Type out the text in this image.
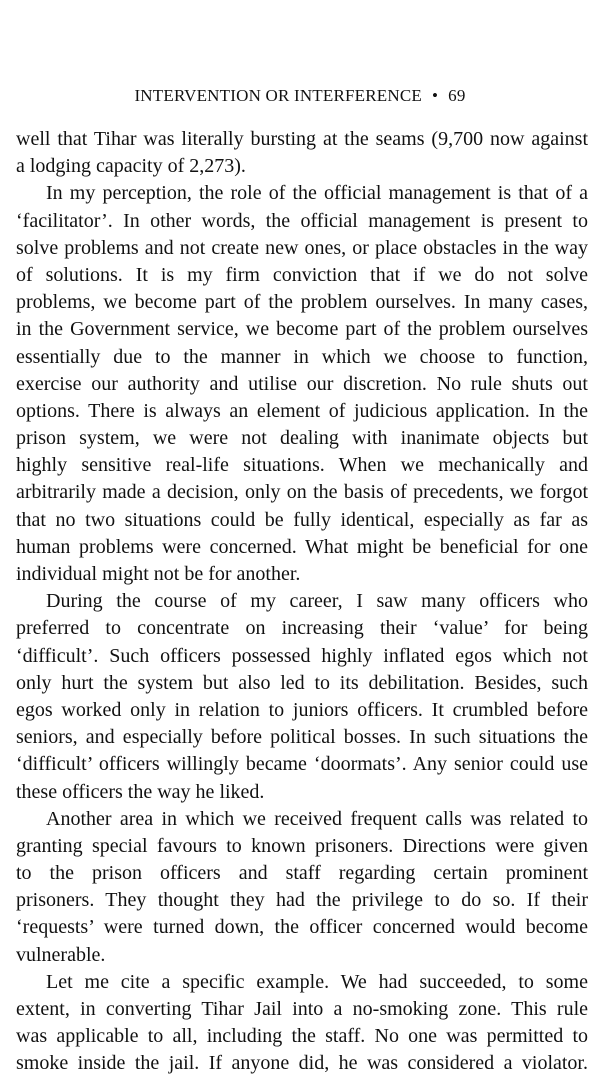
INTERVENTION OR INTERFERENCE • 69
well that Tihar was literally bursting at the seams (9,700 now against
a lodging capacity of 2,273).
In my perception, the role of the official management is that of a
‘facilitator’. In other words, the official management is present to
solve problems and not create new ones, or place obstacles in the way
of solutions. It is my firm conviction that if we do not solve
problems, we become part of the problem ourselves. In many cases,
in the Government service, we become part of the problem ourselves
essentially due to the manner in which we choose to function,
exercise our authority and utilise our discretion. No rule shuts out
options. There is always an element of judicious application. In the
prison system, we were not dealing with inanimate objects but
highly sensitive real-life situations. When we mechanically and
arbitrarily made a decision, only on the basis of precedents, we forgot
that no two situations could be fully identical, especially as far as
human problems were concerned. What might be beneficial for one
individual might not be for another.
During the course of my career, I saw many officers who
preferred to concentrate on increasing their ‘value’ for being
‘difficult’. Such officers possessed highly inflated egos which not
only hurt the system but also led to its debilitation. Besides, such
egos worked only in relation to juniors officers. It crumbled before
seniors, and especially before political bosses. In such situations the
‘difficult’ officers willingly became ‘doormats’. Any senior could use
these officers the way he liked.
Another area in which we received frequent calls was related to
granting special favours to known prisoners. Directions were given
to the prison officers and staff regarding certain prominent
prisoners. They thought they had the privilege to do so. If their
‘requests’ were turned down, the officer concerned would become
vulnerable.
Let me cite a specific example. We had succeeded, to some
extent, in converting Tihar Jail into a no-smoking zone. This rule
was applicable to all, including the staff. No one was permitted to
smoke inside the jail. If anyone did, he was considered a violator.
